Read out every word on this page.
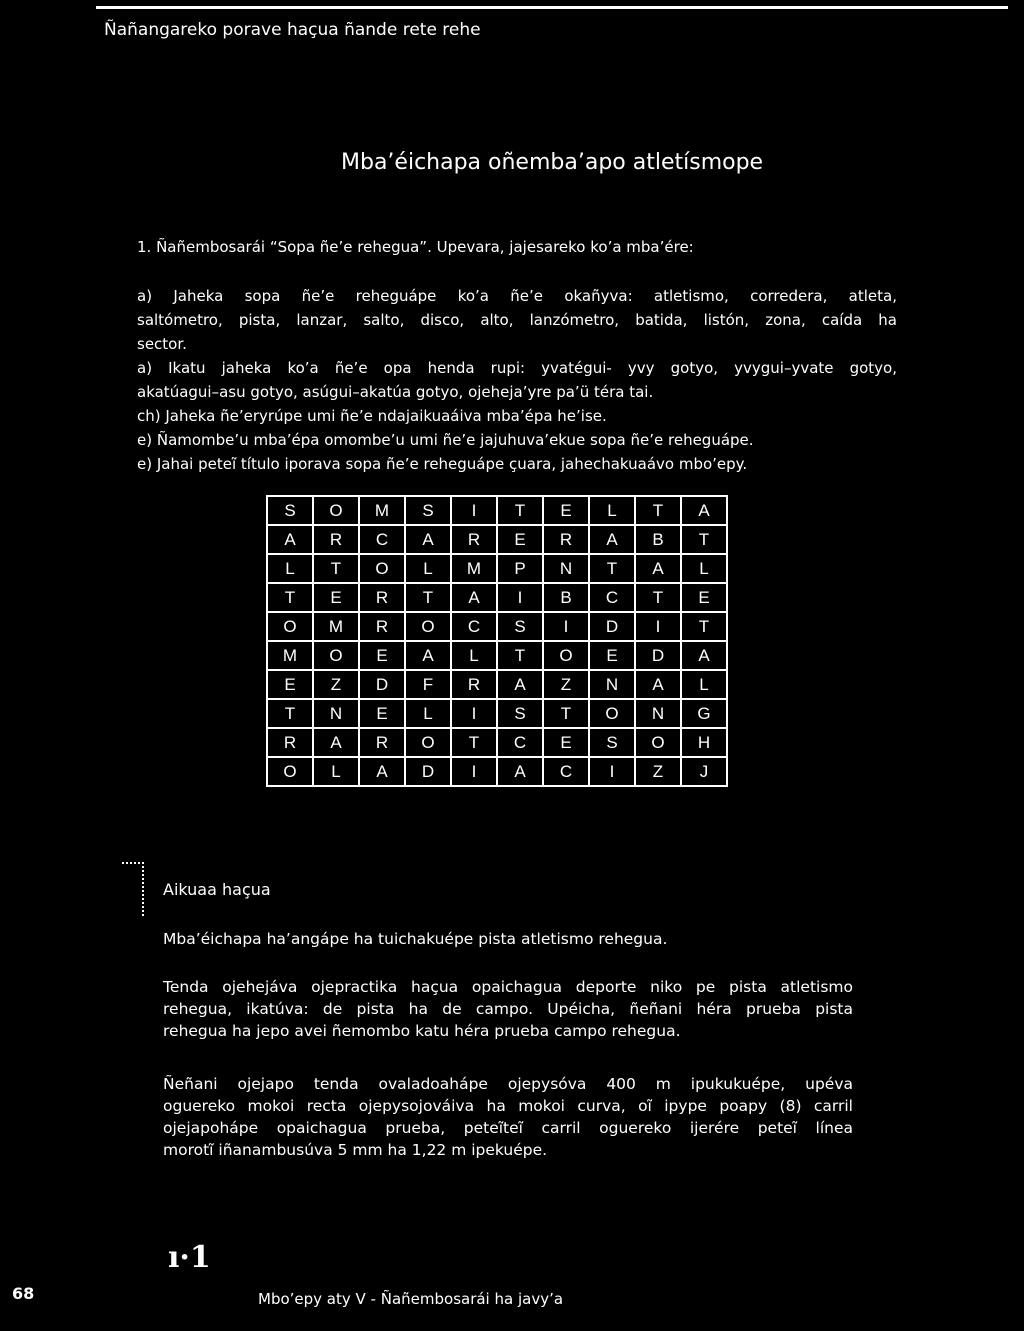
Ñañangareko porave haçua ñande rete rehe
Mba’éichapa oñemba’apo atletísmope
1. Ñañembosarái “Sopa ñe’e rehegua”. Upevara, jajesareko ko’a mba’ére:
a) Jaheka sopa ñe’e reheguápe ko’a ñe’e okañyva: atletismo, corredera, atleta,
saltómetro, pista, lanzar, salto, disco, alto, lanzómetro, batida, listón, zona, caída ha
sector.
a) Ikatu jaheka ko’a ñe’e opa henda rupi: yvatégui- yvy gotyo, yvygui–yvate gotyo,
akatúagui–asu gotyo, asúgui–akatúa gotyo, ojeheja’yre pa’ü téra tai.
ch) Jaheka ñe’eryrúpe umi ñe’e ndajaikuaáiva mba’épa he’ise.
e) Ñamombe’u mba’épa omombe’u umi ñe’e jajuhuva’ekue sopa ñe’e reheguápe.
e) Jahai peteĩ título iporava sopa ñe’e reheguápe çuara, jahechakuaávo mbo’epy.
S	O	M	S	I	T	E	L	T	A
A	R	C	A	R	E	R	A	B	T
L	T	O	L	M	P	N	T	A	L
T	E	R	T	A	I	B	C	T	E
O	M	R	O	C	S	I	D	I	T
M	O	E	A	L	T	O	E	D	A
E	Z	D	F	R	A	Z	N	A	L
T	N	E	L	I	S	T	O	N	G
R	A	R	O	T	C	E	S	O	H
O	L	A	D	I	A	C	I	Z	J
Aikuaa haçua
Mba’éichapa ha’angápe ha tuichakuépe pista atletismo rehegua.
Tenda ojehejáva ojepractika haçua opaichagua deporte niko pe pista atletismo
rehegua, ikatúva: de pista ha de campo. Upéicha, ñeñani héra prueba pista
rehegua ha jepo avei ñemombo katu héra prueba campo rehegua.
Ñeñani ojejapo tenda ovaladoahápe ojepysóva 400 m ipukukuépe, upéva
oguereko mokoi recta ojepysojováiva ha mokoi curva, oĩ ipype poapy (8) carril
ojejapohápe opaichagua prueba, peteĩteĩ carril oguereko ijerére peteĩ línea
morotĩ iñanambusúva 5 mm ha 1,22 m ipekuépe.
ı·1
68	Mbo’epy aty V - Ñañembosarái ha javy’a
